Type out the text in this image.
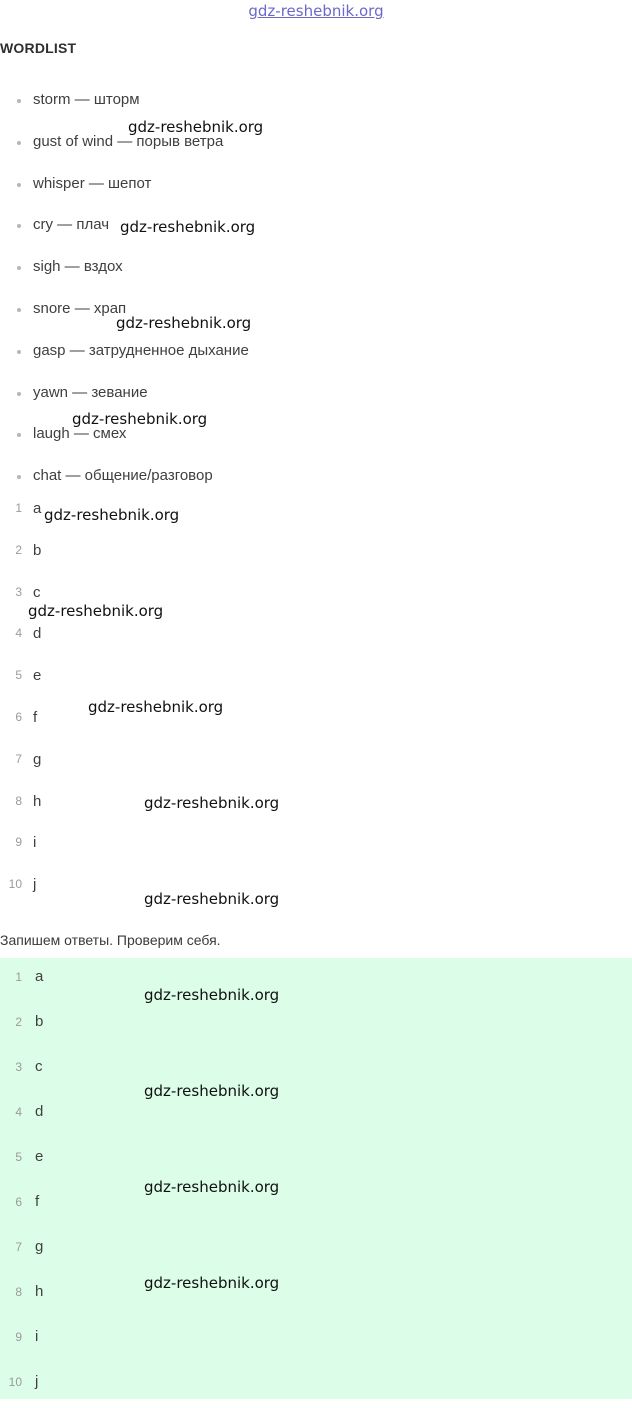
gdz-reshebnik.org
WORDLIST
storm — шторм
gust of wind — порыв ветра
whisper — шепот
cry — плач
sigh — вздох
snore — храп
gasp — затрудненное дыхание
yawn — зевание
laugh — смех
chat — общение/разговор
1 a
2 b
3 c
4 d
5 e
6 f
7 g
8 h
9 i
10 j

Запишем ответы. Проверим себя.

1 a
2 b
3 c
4 d
5 e
6 f
7 g
8 h
9 i
10 j
gdz-reshebnik.org
gdz-reshebnik.org
gdz-reshebnik.org
gdz-reshebnik.org
gdz-reshebnik.org
gdz-reshebnik.org
gdz-reshebnik.org
gdz-reshebnik.org
gdz-reshebnik.org
gdz-reshebnik.org
gdz-reshebnik.org
gdz-reshebnik.org
gdz-reshebnik.org
